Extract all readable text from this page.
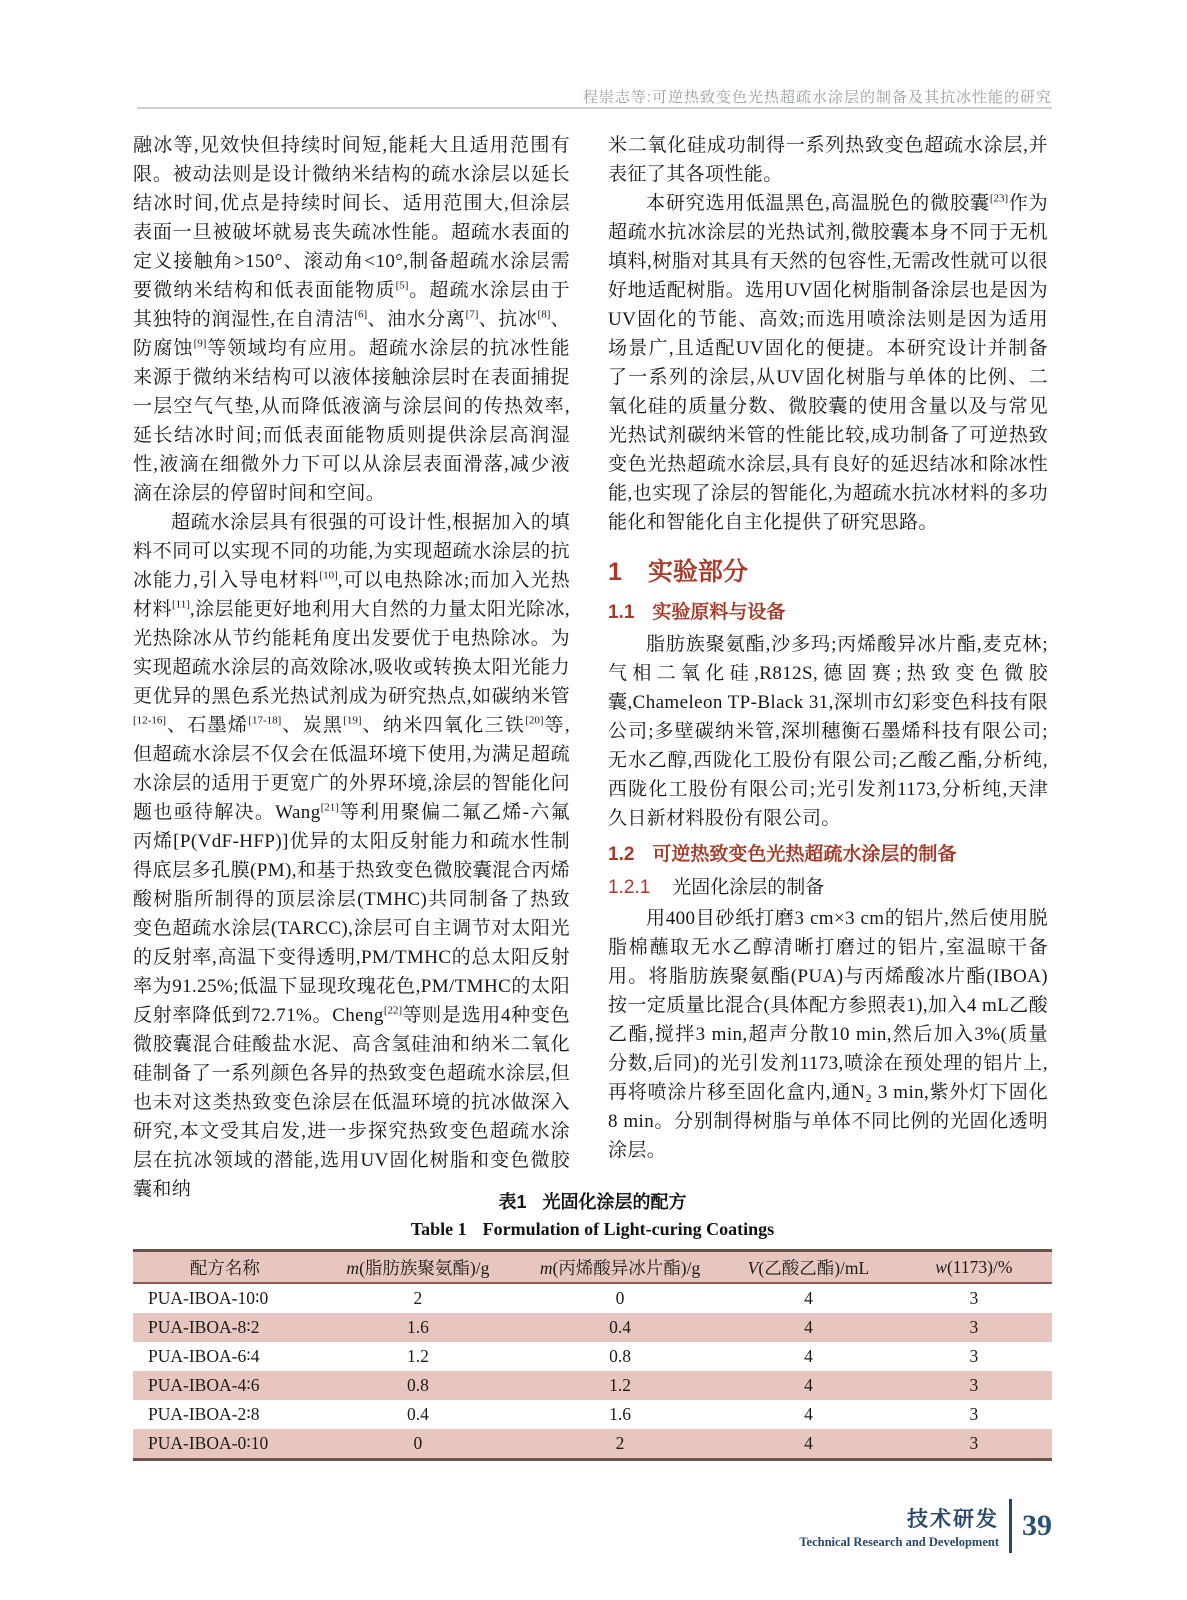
程崇志等:可逆热致变色光热超疏水涂层的制备及其抗冰性能的研究

融冰等,见效快但持续时间短,能耗大且适用范围有限。被动法则是设计微纳米结构的疏水涂层以延长结冰时间,优点是持续时间长、适用范围大,但涂层表面一旦被破坏就易丧失疏冰性能。超疏水表面的定义接触角>150°、滚动角<10°,制备超疏水涂层需要微纳米结构和低表面能物质[5]。超疏水涂层由于其独特的润湿性,在自清洁[6]、油水分离[7]、抗冰[8]、防腐蚀[9]等领域均有应用。超疏水涂层的抗冰性能来源于微纳米结构可以液体接触涂层时在表面捕捉一层空气气垫,从而降低液滴与涂层间的传热效率,延长结冰时间;而低表面能物质则提供涂层高润湿性,液滴在细微外力下可以从涂层表面滑落,减少液滴在涂层的停留时间和空间。

超疏水涂层具有很强的可设计性,根据加入的填料不同可以实现不同的功能,为实现超疏水涂层的抗冰能力,引入导电材料[10],可以电热除冰;而加入光热材料[11],涂层能更好地利用大自然的力量太阳光除冰,光热除冰从节约能耗角度出发要优于电热除冰。为实现超疏水涂层的高效除冰,吸收或转换太阳光能力更优异的黑色系光热试剂成为研究热点,如碳纳米管[12-16]、石墨烯[17-18]、炭黑[19]、纳米四氧化三铁[20]等,但超疏水涂层不仅会在低温环境下使用,为满足超疏水涂层的适用于更宽广的外界环境,涂层的智能化问题也亟待解决。Wang[21]等利用聚偏二氟乙烯-六氟丙烯[P(VdF-HFP)]优异的太阳反射能力和疏水性制得底层多孔膜(PM),和基于热致变色微胶囊混合丙烯酸树脂所制得的顶层涂层(TMHC)共同制备了热致变色超疏水涂层(TARCC),涂层可自主调节对太阳光的反射率,高温下变得透明,PM/TMHC的总太阳反射率为91.25%;低温下显现玫瑰花色,PM/TMHC的太阳反射率降低到72.71%。Cheng[22]等则是选用4种变色微胶囊混合硅酸盐水泥、高含氢硅油和纳米二氧化硅制备了一系列颜色各异的热致变色超疏水涂层,但也未对这类热致变色涂层在低温环境的抗冰做深入研究,本文受其启发,进一步探究热致变色超疏水涂层在抗冰领域的潜能,选用UV固化树脂和变色微胶囊和纳

米二氧化硅成功制得一系列热致变色超疏水涂层,并表征了其各项性能。

本研究选用低温黑色,高温脱色的微胶囊[23]作为超疏水抗冰涂层的光热试剂,微胶囊本身不同于无机填料,树脂对其具有天然的包容性,无需改性就可以很好地适配树脂。选用UV固化树脂制备涂层也是因为UV固化的节能、高效;而选用喷涂法则是因为适用场景广,且适配UV固化的便捷。本研究设计并制备了一系列的涂层,从UV固化树脂与单体的比例、二氧化硅的质量分数、微胶囊的使用含量以及与常见光热试剂碳纳米管的性能比较,成功制备了可逆热致变色光热超疏水涂层,具有良好的延迟结冰和除冰性能,也实现了涂层的智能化,为超疏水抗冰材料的多功能化和智能化自主化提供了研究思路。

1 实验部分
1.1 实验原料与设备

脂肪族聚氨酯,沙多玛;丙烯酸异冰片酯,麦克林;气相二氧化硅,R812S,德固赛;热致变色微胶囊,Chameleon TP-Black 31,深圳市幻彩变色科技有限公司;多壁碳纳米管,深圳穗衡石墨烯科技有限公司;无水乙醇,西陇化工股份有限公司;乙酸乙酯,分析纯,西陇化工股份有限公司;光引发剂1173,分析纯,天津久日新材料股份有限公司。

1.2 可逆热致变色光热超疏水涂层的制备
1.2.1 光固化涂层的制备

用400目砂纸打磨3 cm×3 cm的铝片,然后使用脱脂棉蘸取无水乙醇清晰打磨过的铝片,室温晾干备用。将脂肪族聚氨酯(PUA)与丙烯酸冰片酯(IBOA)按一定质量比混合(具体配方参照表1),加入4 mL乙酸乙酯,搅拌3 min,超声分散10 min,然后加入3%(质量分数,后同)的光引发剂1173,喷涂在预处理的铝片上,再将喷涂片移至固化盒内,通N₂ 3 min,紫外灯下固化8 min。分别制得树脂与单体不同比例的光固化透明涂层。

表1 光固化涂层的配方
Table 1 Formulation of Light-curing Coatings
配方名称	m(脂肪族聚氨酯)/g	m(丙烯酸异冰片酯)/g	V(乙酸乙酯)/mL	w(1173)/%
PUA-IBOA-10∶0	2	0	4	3
PUA-IBOA-8∶2	1.6	0.4	4	3
PUA-IBOA-6∶4	1.2	0.8	4	3
PUA-IBOA-4∶6	0.8	1.2	4	3
PUA-IBOA-2∶8	0.4	1.6	4	3
PUA-IBOA-0∶10	0	2	4	3
技术研发
Technical Research and Development 39
